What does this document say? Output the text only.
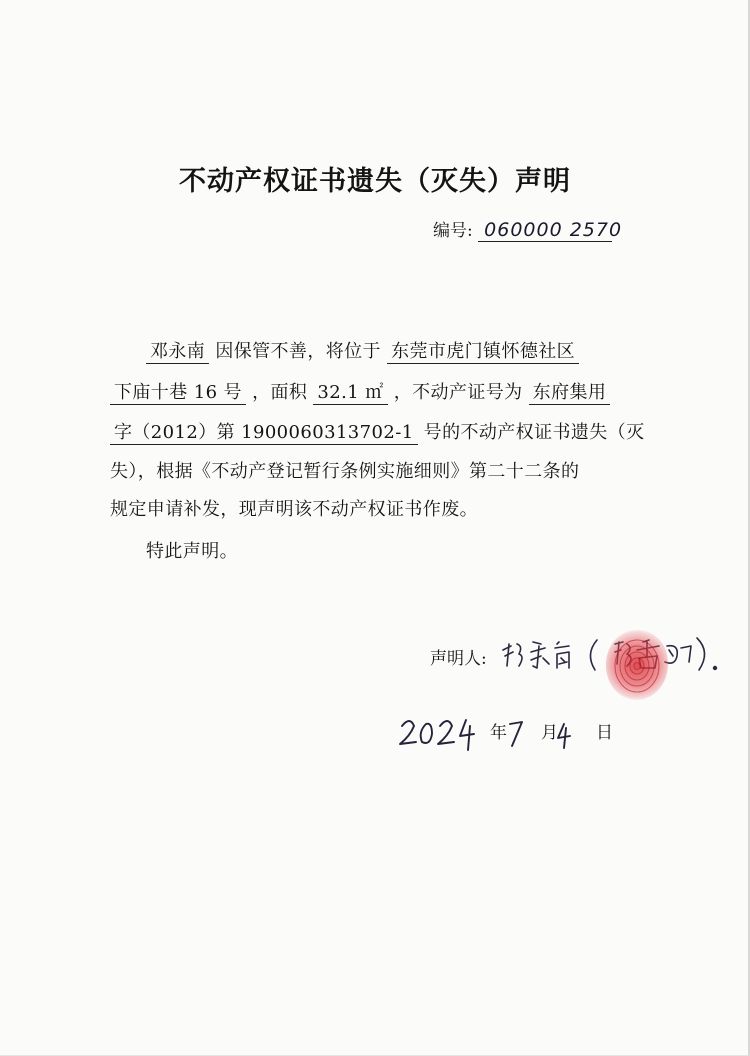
不动产权证书遗失（灭失）声明
编号: 060000 2570
邓永南 因保管不善，将位于 东莞市虎门镇怀德社区
下庙十巷 16 号 ，面积 32.1 ㎡ ，不动产证号为 东府集用
字（2012）第 1900060313702-1 号的不动产权证书遗失（灭
失），根据《不动产登记暂行条例实施细则》第二十二条的
规定申请补发，现声明该不动产权证书作废。
特此声明。
声明人:
年 月 日
